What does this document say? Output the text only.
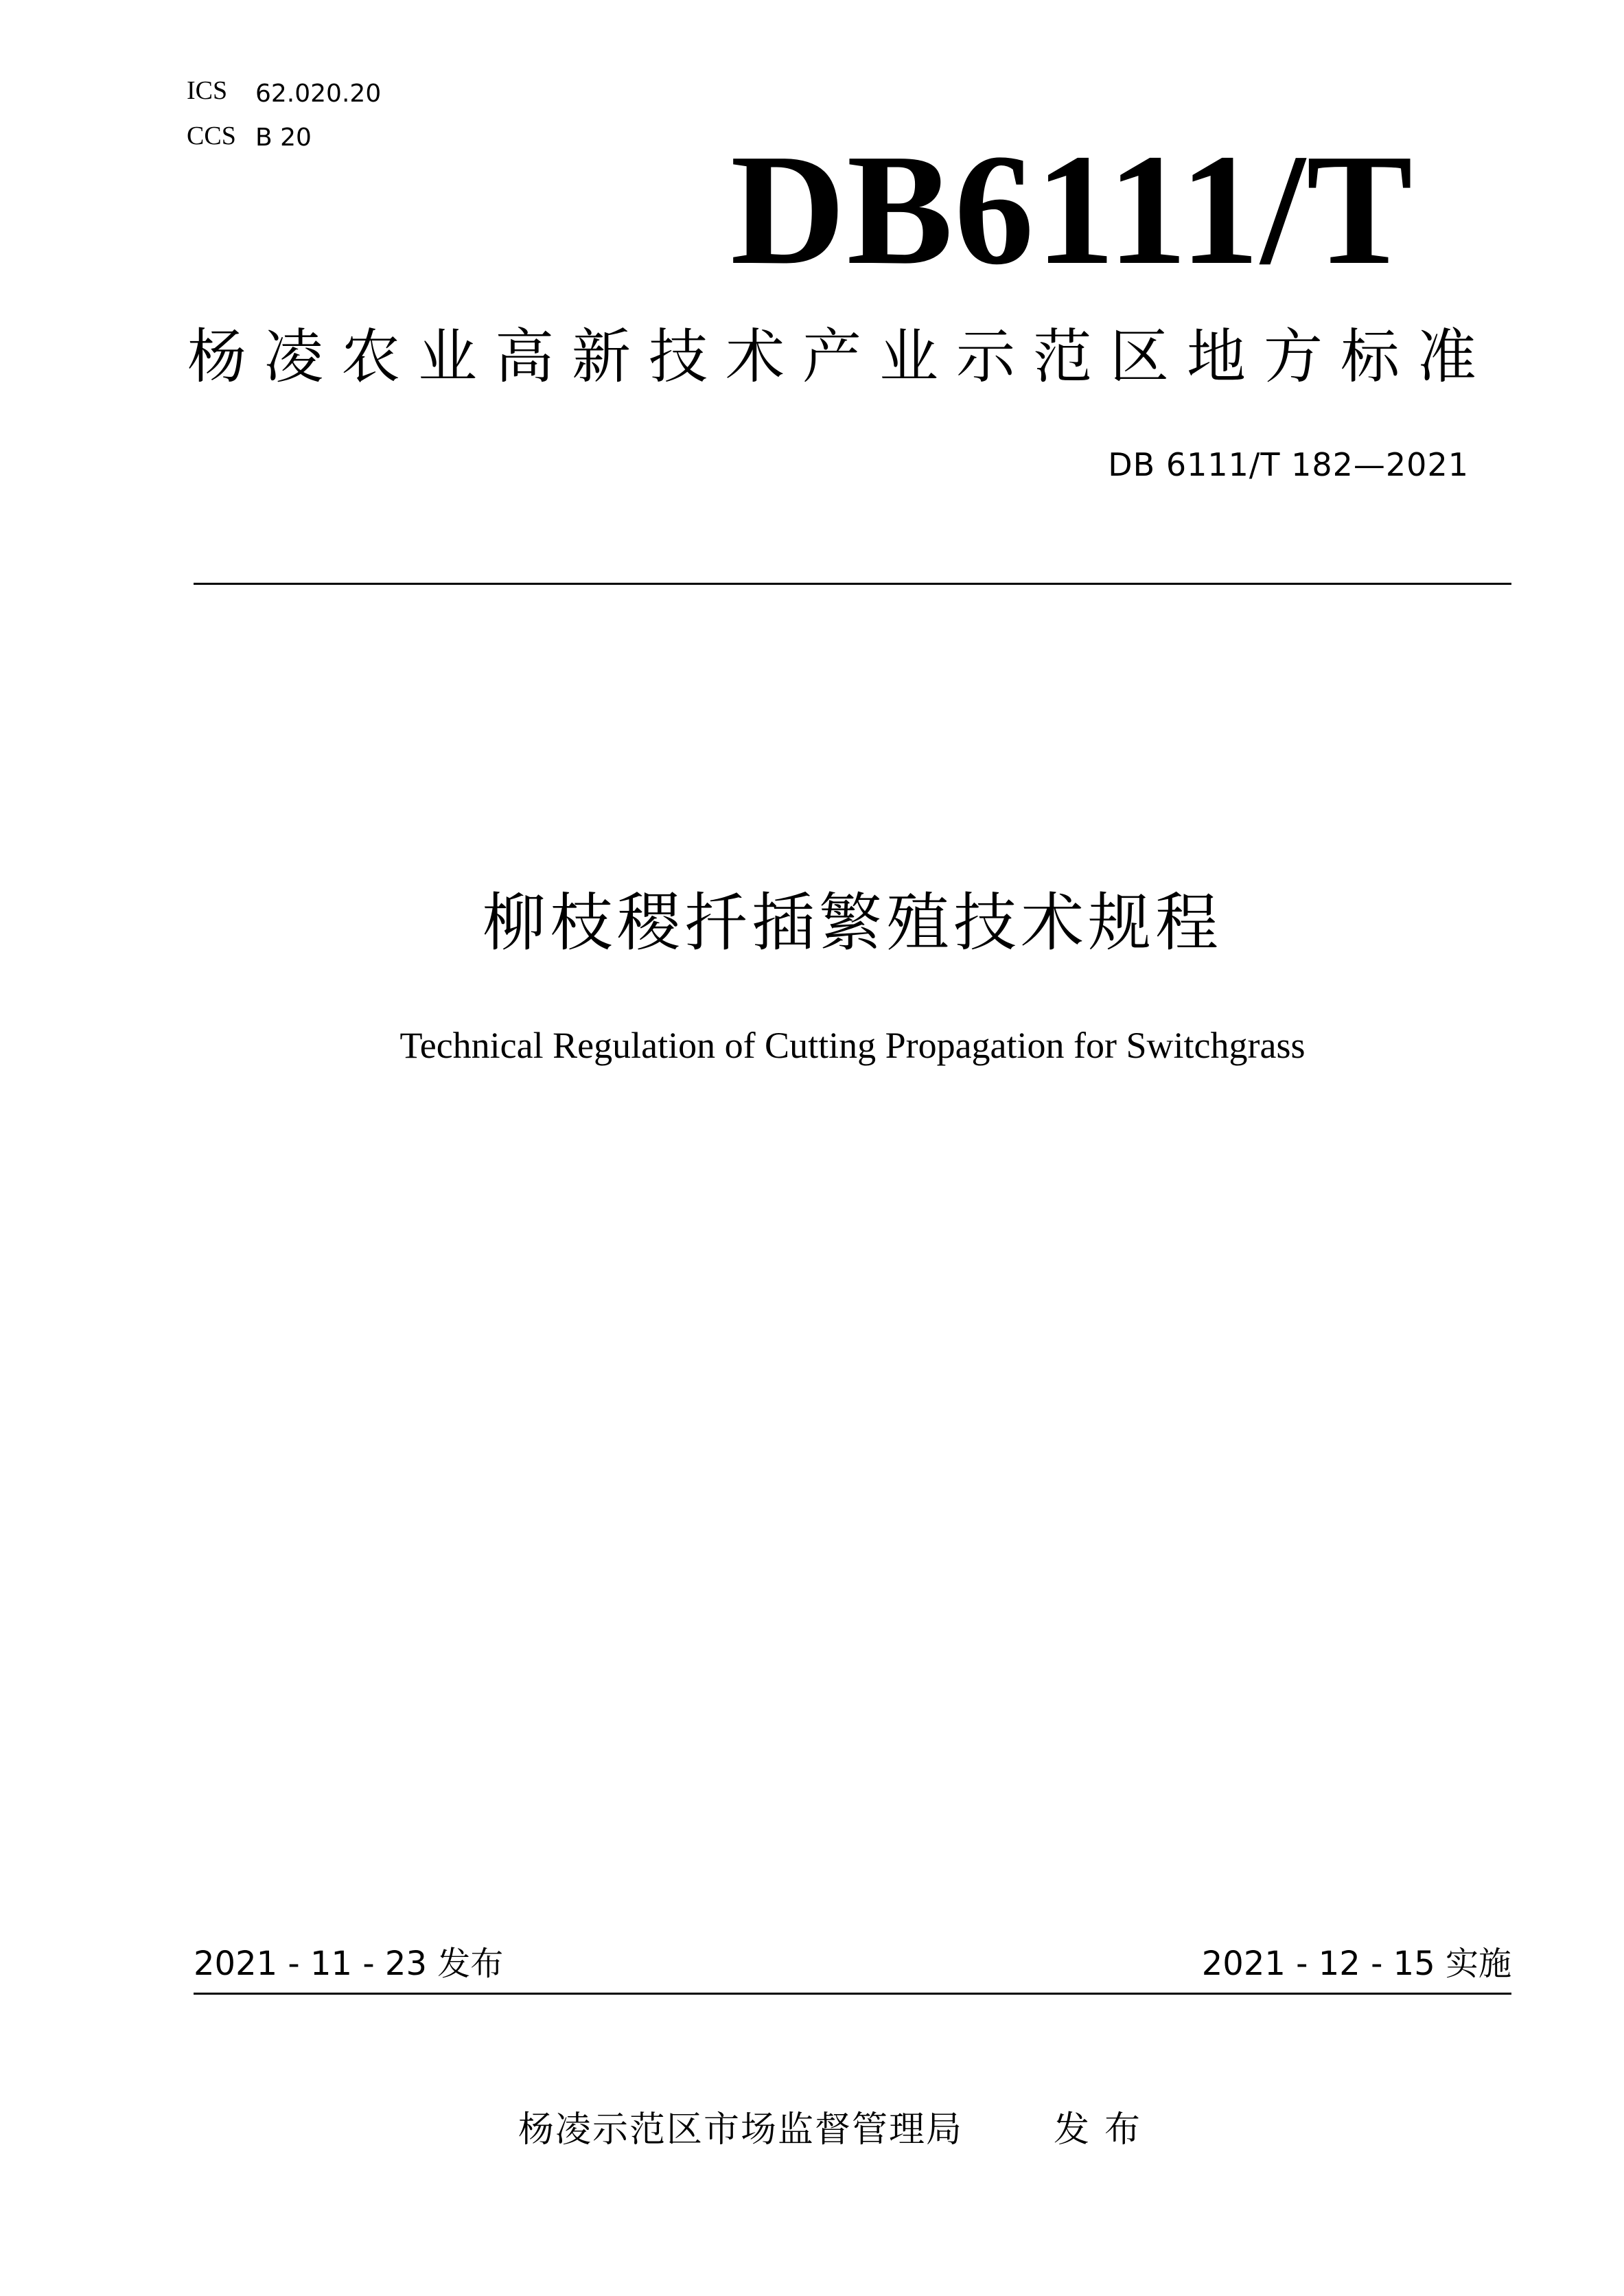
ICS 62.020.20
CCS B 20	DB6111/T
杨凌农业高新技术产业示范区地方标准
DB 6111/T 182—2021
柳枝稷扦插繁殖技术规程
Technical Regulation of Cutting Propagation for Switchgrass
2021 - 11 - 23 发布	2021 - 12 - 15 实施
杨凌示范区市场监督管理局	发布
